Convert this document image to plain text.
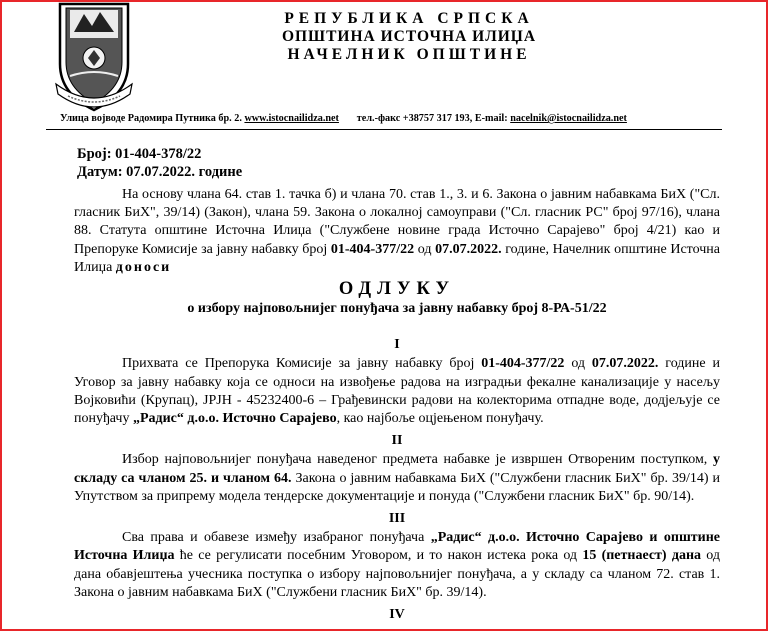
РЕПУБЛИКА СРПСКА
ОПШТИНА ИСТОЧНА ИЛИЏА
НАЧЕЛНИК ОПШТИНЕ
Улица војводе Радомира Путника бр. 2. www.istocnailidza.net тел.-факс +38757 317 193, E-mail: nacelnik@istocnailidza.net
Број: 01-404-378/22
Датум: 07.07.2022. године

На основу члана 64. став 1. тачка б) и члана 70. став 1., 3. и 6. Закона о јавним набавкама БиХ ("Сл. гласник БиХ", 39/14) (Закон), члана 59. Закона о локалној самоуправи ("Сл. гласник РС" број 97/16), члана 88. Статута општине Источна Илиџа ("Службене новине града Источно Сарајево" број 4/21) као и Препоруке Комисије за јавну набавку број 01-404-377/22 од 07.07.2022. године, Начелник општине Источна Илиџа доноси

ОДЛУКУ

о избору најповољнијег понуђача за јавну набавку број 8-РА-51/22

I

Прихвата се Препорука Комисије за јавну набавку број 01-404-377/22 од 07.07.2022. године и Уговор за јавну набавку која се односи на извођење радова на изградњи фекалне канализације у насељу Војковићи (Крупац), ЈРЈН - 45232400-6 – Грађевински радови на колекторима отпадне воде, додјељује се понуђачу „Радис“ д.о.о. Источно Сарајево, као најбоље оцјењеном понуђачу.

II

Избор најповољнијег понуђача наведеног предмета набавке је извршен Отвореним поступком, у складу са чланом 25. и чланом 64. Закона о јавним набавкама БиХ ("Службени гласник БиХ" бр. 39/14) и Упутством за припрему модела тендерске документације и понуда ("Службени гласник БиХ" бр. 90/14).

III

Сва права и обавезе између изабраног понуђача „Радис“ д.о.о. Источно Сарајево и општине Источна Илиџа ће се регулисати посебним Уговором, и то након истека рока од 15 (петнаест) дана од дана обавјештења учесника поступка о избору најповољнијег понуђача, а у складу са чланом 72. став 1. Закона о јавним набавкама БиХ ("Службени гласник БиХ" бр. 39/14).

IV
